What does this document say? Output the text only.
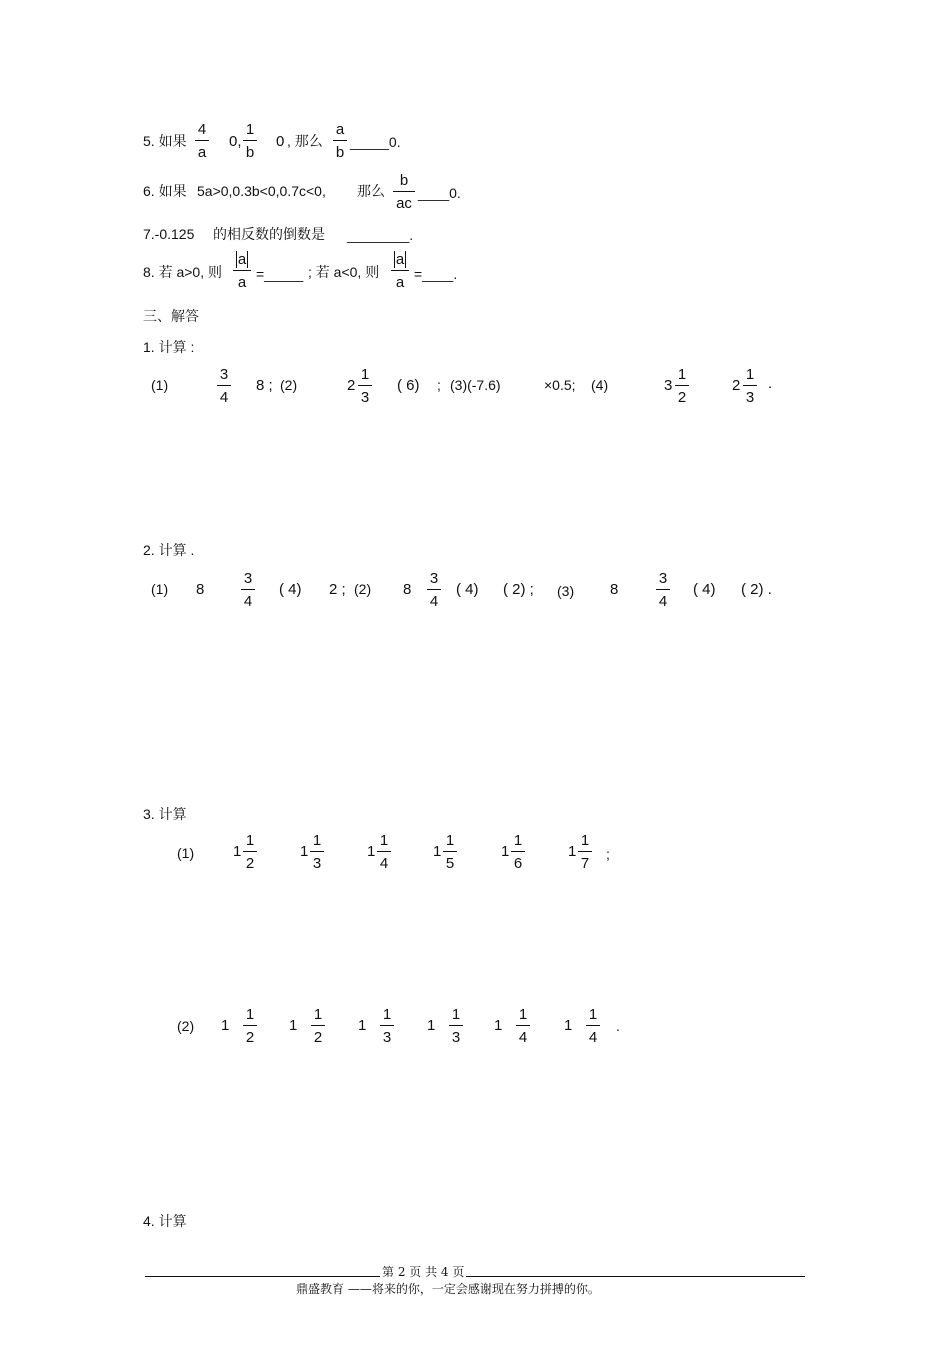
5. 如果
4
a
0,
1
b
0 , 那么
a
b
_____0.
6. 如果 5a>0,0.3b<0,0.7c<0, 那么
b
ac
____0.
7.-0.125 的相反数的倒数是 ________.
8. 若 a>0, 则
a
a =_____ ; 若 a<0, 则
a
a =____.
三、解答
1. 计算 :
(1)
3
4
8 ; (2)	2
1
3
( 6) ; (3)(-7.6)	×0.5; (4)	3
1
2
2
1
3
.
2. 计算 .
(1) 8
3
4
( 4) 2 ; (2) 8
3
4
( 4) ( 2) ; (3) 8
3
4
( 4) ( 2) .
3. 计算
(1)	1
1
2
1
1
3
1
1
4
1
1
5
1
1
6
1
1
7
;
(2) 1
1
2
1
1
2
1
1
3
1
1
3
1
1
4
1
1
4
.
4. 计算
第 2 页 共 4 页
鼎盛教育 ——将来的你，一定会感谢现在努力拼搏的你。
